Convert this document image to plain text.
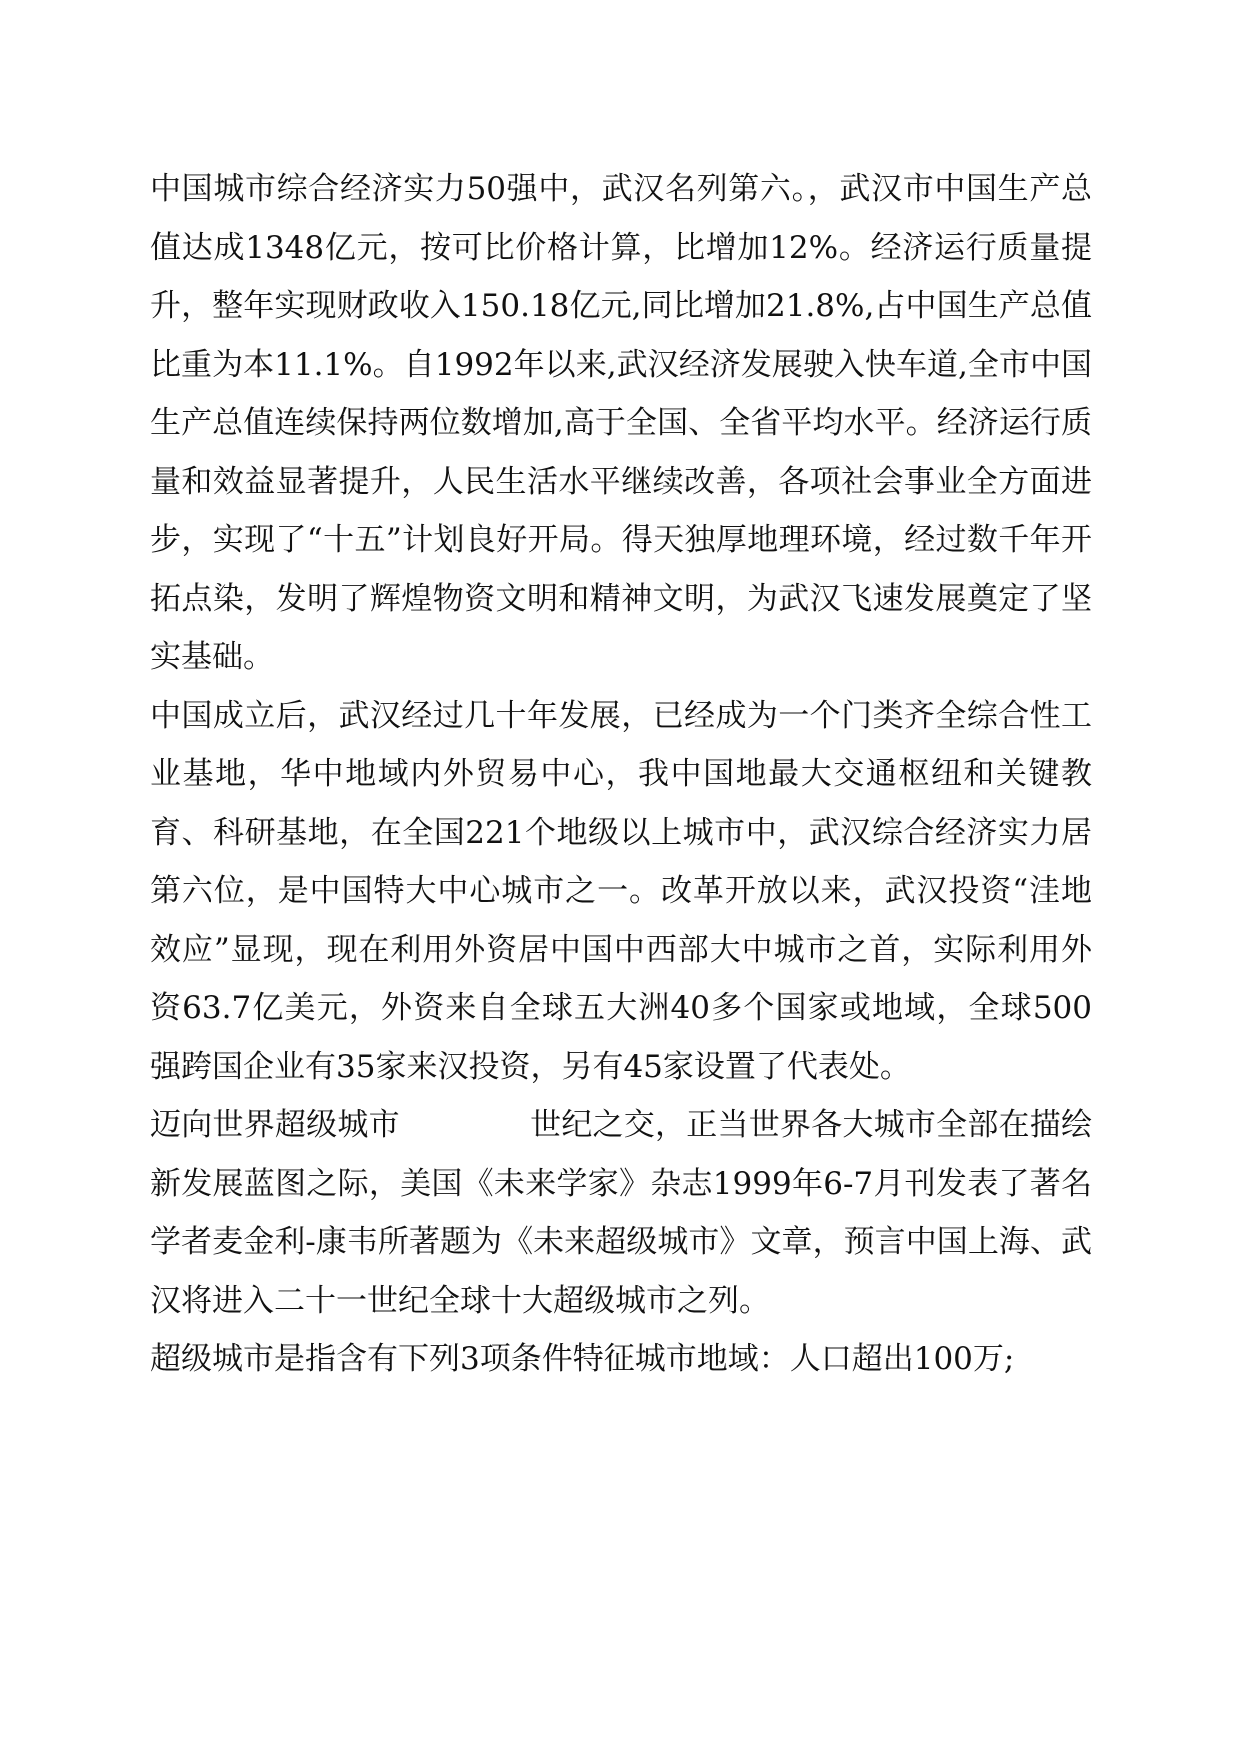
中国城市综合经济实力50强中，武汉名列第六。，武汉市中国生产总值达成1348亿元，按可比价格计算，比增加12%。经济运行质量提升，整年实现财政收入150.18亿元,同比增加21.8%,占中国生产总值比重为本11.1%。自1992年以来,武汉经济发展驶入快车道,全市中国生产总值连续保持两位数增加,高于全国、全省平均水平。经济运行质量和效益显著提升，人民生活水平继续改善，各项社会事业全方面进步，实现了“十五”计划良好开局。得天独厚地理环境，经过数千年开拓点染，发明了辉煌物资文明和精神文明，为武汉飞速发展奠定了坚实基础。

中国成立后，武汉经过几十年发展，已经成为一个门类齐全综合性工业基地，华中地域内外贸易中心，我中国地最大交通枢纽和关键教育、科研基地，在全国221个地级以上城市中，武汉综合经济实力居第六位，是中国特大中心城市之一。改革开放以来，武汉投资“洼地效应”显现，现在利用外资居中国中西部大中城市之首，实际利用外资63.7亿美元，外资来自全球五大洲40多个国家或地域，全球500强跨国企业有35家来汉投资，另有45家设置了代表处。

迈向世界超级城市	世纪之交，正当世界各大城市全部在描绘新发展蓝图之际，美国《未来学家》杂志1999年6-7月刊发表了著名学者麦金利-康韦所著题为《未来超级城市》文章，预言中国上海、武汉将进入二十一世纪全球十大超级城市之列。

超级城市是指含有下列3项条件特征城市地域：人口超出100万;
